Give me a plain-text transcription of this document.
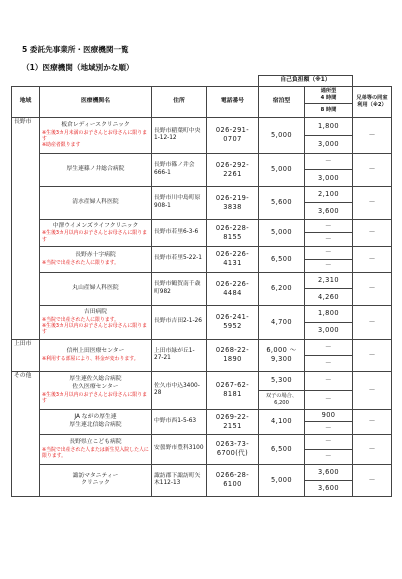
5 委託先事業所・医療機関一覧
（1）医療機関（地域別かな順）
				自己負担額（※1）		
地域	医療機関名	住所	電話番号	宿泊型	通所型
4 時間	兄弟等の同室利用（※2）
					8 時間	
長野市	板倉レディースクリニック
※生後3カ月未満のお子さんとお母さんに限ります
※助産者限ります	長野市稲葉町中央1-12-12	026-291-0707	5,000	1,800	－
					3,000	
	厚生連篠ノ井総合病院	長野市篠ノ井会666-1	026-292-2261	5,000	－	－
					3,000	
	清水産婦人科医院	長野市川中島町原908-1	026-219-3838	5,600	2,100	－
					3,600	
	中澤ウイメンズライフクリニック
※生後3カ月以内のお子さんとお母さんに限ります	長野市若里6-3-6	026-228-8155	5,000	－	－
					－	
	長野赤十字病院
※当院で出産された人に限ります。	長野市若里5-22-1	026-226-4131	6,500	－	－
					－	
	丸山産婦人科医院	長野市鶴賀南千歳町982	026-226-4484	6,200	2,310	－
					4,260	
	吉田病院
※当院で出産された人に限ります。
※生後3カ月以内のお子さんとお母さんに限ります	長野市吉田2-1-26	026-241-5952	4,700	1,800	－
					3,000	
上田市	信州上田医療センター
※利用する部屋により、料金が変わります。	上田市緑が丘1-27-21	0268-22-1890	6,000 ～9,300	－	－
					－	
その他	厚生連佐久総合病院
佐久医療センター
※生後3カ月以内のお子さんとお母さんに限ります	佐久市中込3400-28	0267-62-8181	5,300	－	－
				双子の場合、6,200	－	
	JA ながの厚生連
厚生連北信総合病院	中野市西1-5-63	0269-22-2151	4,100	900	－
					－	
	長野県立こども病院
※当院で出産された人または新生児入院した人に限ります。	安曇野市豊科3100	0263-73-6700(代)	6,500	－	－
					－	
	諏訪マタニティー
クリニック	諏訪郡下諏訪町矢木112-13	0266-28-6100	5,000	3,600	－
					3,600	
